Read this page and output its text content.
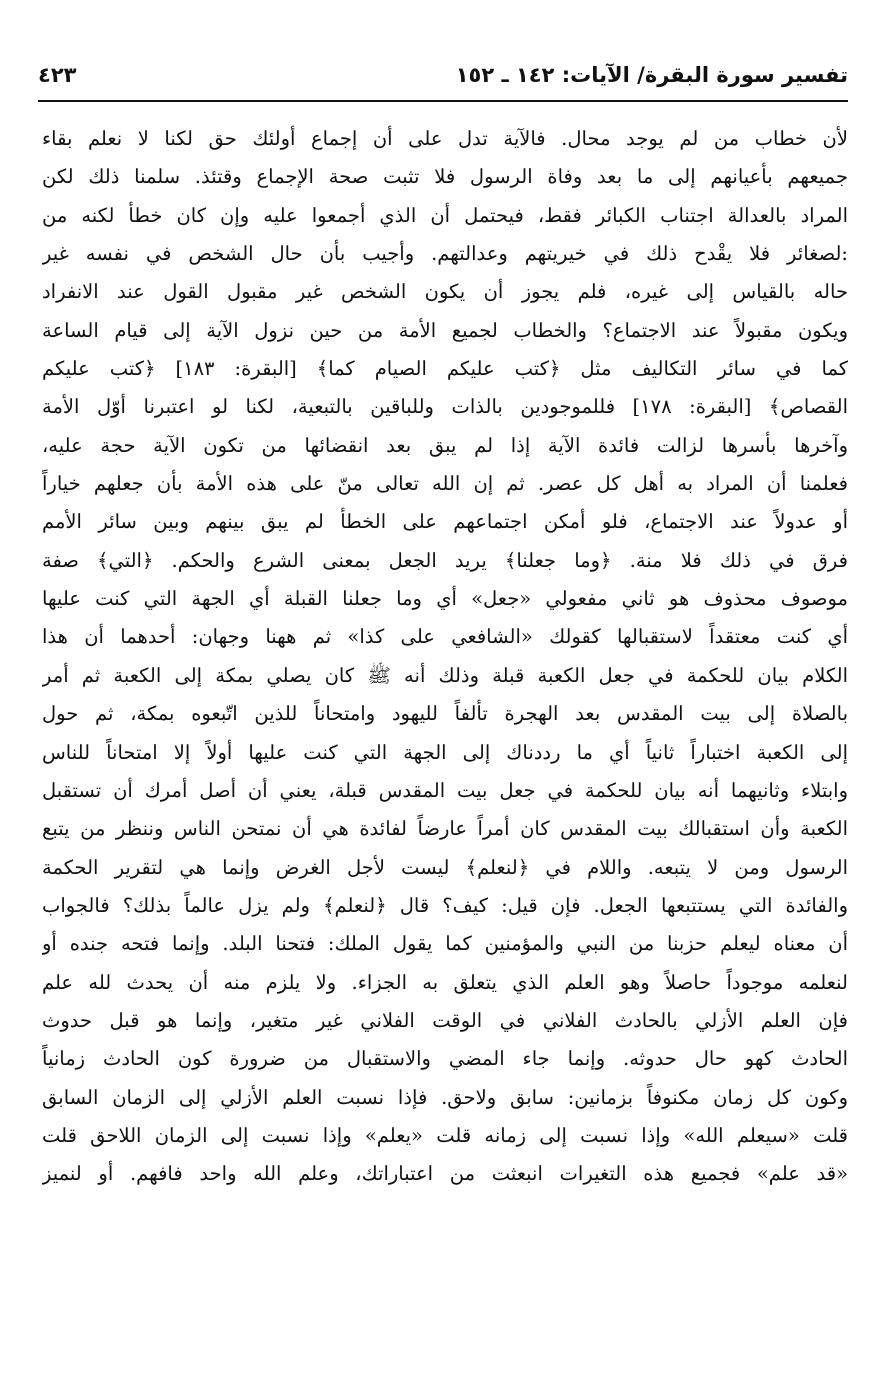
تفسير سورة البقرة/ الآيات: ١٤٢ ـ ١٥٢
٤٢٣
لأن خطاب من لم يوجد محال. فالآية تدل على أن إجماع أولئك حق لكنا لا نعلم بقاء
جميعهم بأعيانهم إلى ما بعد وفاة الرسول فلا تثبت صحة الإجماع وقتئذ. سلمنا ذلك لكن
المراد بالعدالة اجتناب الكبائر فقط، فيحتمل أن الذي أجمعوا عليه وإن كان خطأ لكنه من
:لصغائر فلا يقْدح ذلك في خيريتهم وعدالتهم. وأجيب بأن حال الشخص في نفسه غير
حاله بالقياس إلى غيره، فلم يجوز أن يكون الشخص غير مقبول القول عند الانفراد
ويكون مقبولاً عند الاجتماع؟ والخطاب لجميع الأمة من حين نزول الآية إلى قيام الساعة
كما في سائر التكاليف مثل ﴿كتب عليكم الصيام كما﴾ [البقرة: ١٨٣] ﴿كتب عليكم
القصاص﴾ [البقرة: ١٧٨] فللموجودين بالذات وللباقين بالتبعية، لكنا لو اعتبرنا أوّل الأمة
وآخرها بأسرها لزالت فائدة الآية إذا لم يبق بعد انقضائها من تكون الآية حجة عليه،
فعلمنا أن المراد به أهل كل عصر. ثم إن الله تعالى منّ على هذه الأمة بأن جعلهم خياراً
أو عدولاً عند الاجتماع، فلو أمكن اجتماعهم على الخطأ لم يبق بينهم وبين سائر الأمم
فرق في ذلك فلا منة. ﴿وما جعلنا﴾ يريد الجعل بمعنى الشرع والحكم. ﴿التي﴾ صفة
موصوف محذوف هو ثاني مفعولي «جعل» أي وما جعلنا القبلة أي الجهة التي كنت عليها
أي كنت معتقداً لاستقبالها كقولك «الشافعي على كذا» ثم ههنا وجهان: أحدهما أن هذا
الكلام بيان للحكمة في جعل الكعبة قبلة وذلك أنه ﷺ كان يصلي بمكة إلى الكعبة ثم أمر
بالصلاة إلى بيت المقدس بعد الهجرة تألفاً لليهود وامتحاناً للذين اتّبعوه بمكة، ثم حول
إلى الكعبة اختباراً ثانياً أي ما رددناك إلى الجهة التي كنت عليها أولاً إلا امتحاناً للناس
وابتلاء وثانيهما أنه بيان للحكمة في جعل بيت المقدس قبلة، يعني أن أصل أمرك أن تستقبل
الكعبة وأن استقبالك بيت المقدس كان أمراً عارضاً لفائدة هي أن نمتحن الناس وننظر من يتبع
الرسول ومن لا يتبعه. واللام في ﴿لنعلم﴾ ليست لأجل الغرض وإنما هي لتقرير الحكمة
والفائدة التي يستتبعها الجعل. فإن قيل: كيف؟ قال ﴿لنعلم﴾ ولم يزل عالماً بذلك؟ فالجواب
أن معناه ليعلم حزبنا من النبي والمؤمنين كما يقول الملك: فتحنا البلد. وإنما فتحه جنده أو
لنعلمه موجوداً حاصلاً وهو العلم الذي يتعلق به الجزاء. ولا يلزم منه أن يحدث لله علم
فإن العلم الأزلي بالحادث الفلاني في الوقت الفلاني غير متغير، وإنما هو قبل حدوث
الحادث كهو حال حدوثه. وإنما جاء المضي والاستقبال من ضرورة كون الحادث زمانياً
وكون كل زمان مكنوفاً بزمانين: سابق ولاحق. فإذا نسبت العلم الأزلي إلى الزمان السابق
قلت «سيعلم الله» وإذا نسبت إلى زمانه قلت «يعلم» وإذا نسبت إلى الزمان اللاحق قلت
«قد علم» فجميع هذه التغيرات انبعثت من اعتباراتك، وعلم الله واحد فافهم. أو لنميز
